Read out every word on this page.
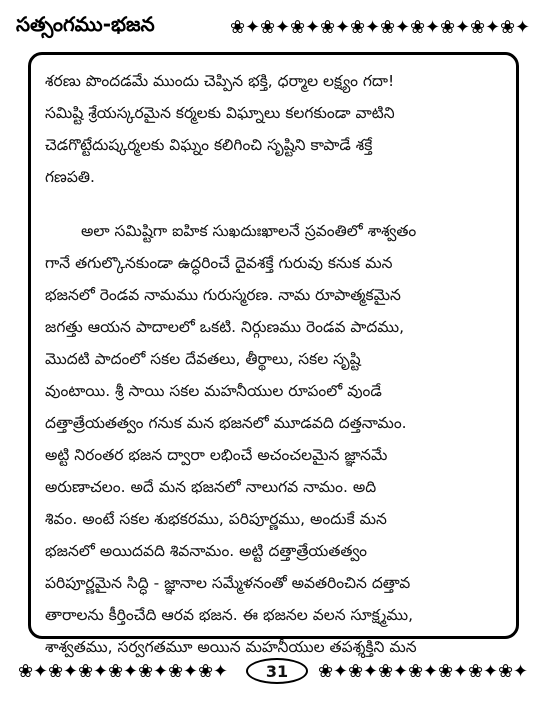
సత్సంగము-భజన	❀ ✦ ❀ ✦ ❀ ✦ ❀ ✦ ❀ ✦ ❀ ✦ ❀ ✦ ❀ ✦ ❀ ✦ ❀ ✦
శరణు పొందడమే ముందు చెప్పిన భక్తి, ధర్మాల లక్ష్యం గదా!
సమిష్టి శ్రేయస్కరమైన కర్మలకు విఘ్నాలు కలగకుండా వాటిని
చెడగొట్టేదుష్కర్మలకు విఘ్నం కలిగించి సృష్టిని కాపాడే శక్తే
గణపతి.
అలా సమిష్టిగా ఐహిక సుఖదుఃఖాలనే స్రవంతిలో శాశ్వతం
గానే తగుల్కొనకుండా ఉద్ధరించే దైవశక్తే గురువు కనుక మన
భజనలో రెండవ నామము గురుస్మరణ. నామ రూపాత్మకమైన
జగత్తు ఆయన పాదాలలో ఒకటి. నిర్గుణము రెండవ పాదము,
మొదటి పాదంలో సకల దేవతలు, తీర్థాలు, సకల సృష్టి
వుంటాయి. శ్రీ సాయి సకల మహనీయుల రూపంలో వుండే
దత్తాత్రేయతత్వం గనుక మన భజనలో మూడవది దత్తనామం.
అట్టి నిరంతర భజన ద్వారా లభించే అచంచలమైన జ్ఞానమే
అరుణాచలం. అదే మన భజనలో నాలుగవ నామం. అది
శివం. అంటే సకల శుభకరము, పరిపూర్ణము, అందుకే మన
భజనలో అయిదవది శివనామం. అట్టి దత్తాత్రేయతత్వం
పరిపూర్ణమైన సిద్ధి - జ్ఞానాల సమ్మేళనంతో అవతరించిన దత్తావ
తారాలను కీర్తించేది ఆరవ భజన. ఈ భజనల వలన సూక్ష్మము,
శాశ్వతము, సర్వగతమూ అయిన మహనీయుల తపశ్శక్తిని మన
❀ ✦ ❀ ✦ ❀ ✦ ❀ ✦ ❀ ✦ ❀ ✦ ❀ ✦	31	❀ ✦ ❀ ✦ ❀ ✦ ❀ ✦ ❀ ✦ ❀ ✦ ❀ ✦
